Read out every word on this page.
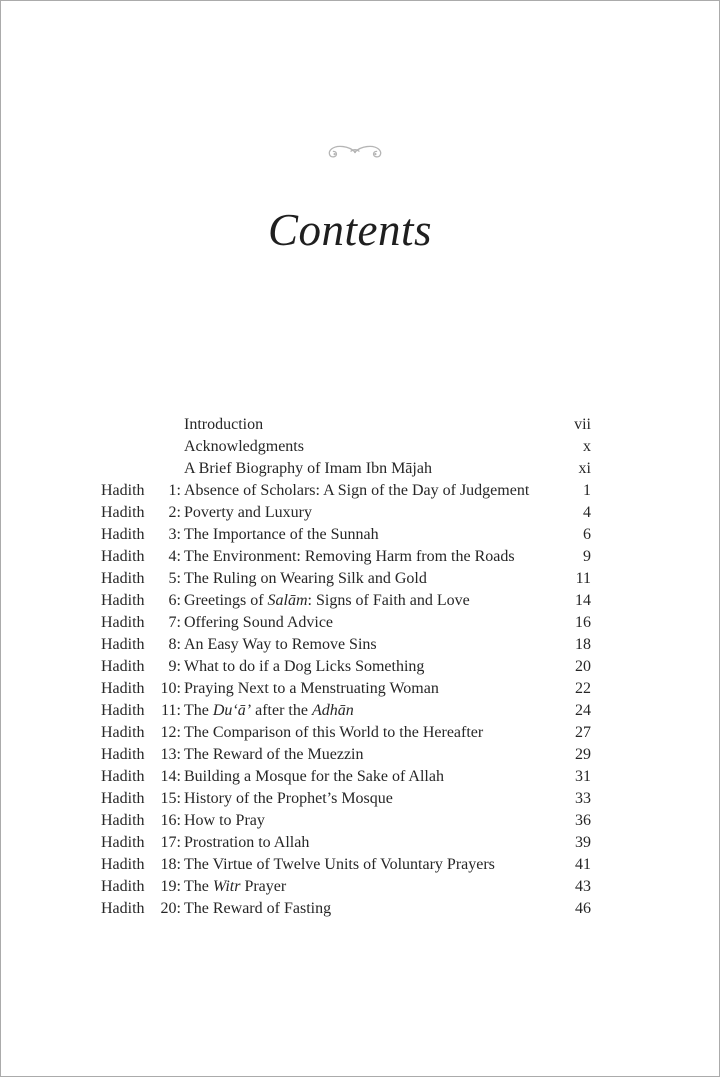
Contents
Introduction	vii
Acknowledgments	x
A Brief Biography of Imam Ibn Mājah	xi
Hadith	1: Absence of Scholars: A Sign of the Day of Judgement	1
Hadith	2: Poverty and Luxury	4
Hadith	3: The Importance of the Sunnah	6
Hadith	4: The Environment: Removing Harm from the Roads	9
Hadith	5: The Ruling on Wearing Silk and Gold	11
Hadith	6: Greetings of Salām: Signs of Faith and Love	14
Hadith	7: Offering Sound Advice	16
Hadith	8: An Easy Way to Remove Sins	18
Hadith	9: What to do if a Dog Licks Something	20
Hadith	10: Praying Next to a Menstruating Woman	22
Hadith	11: The Du‘ā’ after the Adhān	24
Hadith	12: The Comparison of this World to the Hereafter	27
Hadith	13: The Reward of the Muezzin	29
Hadith	14: Building a Mosque for the Sake of Allah	31
Hadith	15: History of the Prophet’s Mosque	33
Hadith	16: How to Pray	36
Hadith	17: Prostration to Allah	39
Hadith	18: The Virtue of Twelve Units of Voluntary Prayers	41
Hadith	19: The Witr Prayer	43
Hadith	20: The Reward of Fasting	46
